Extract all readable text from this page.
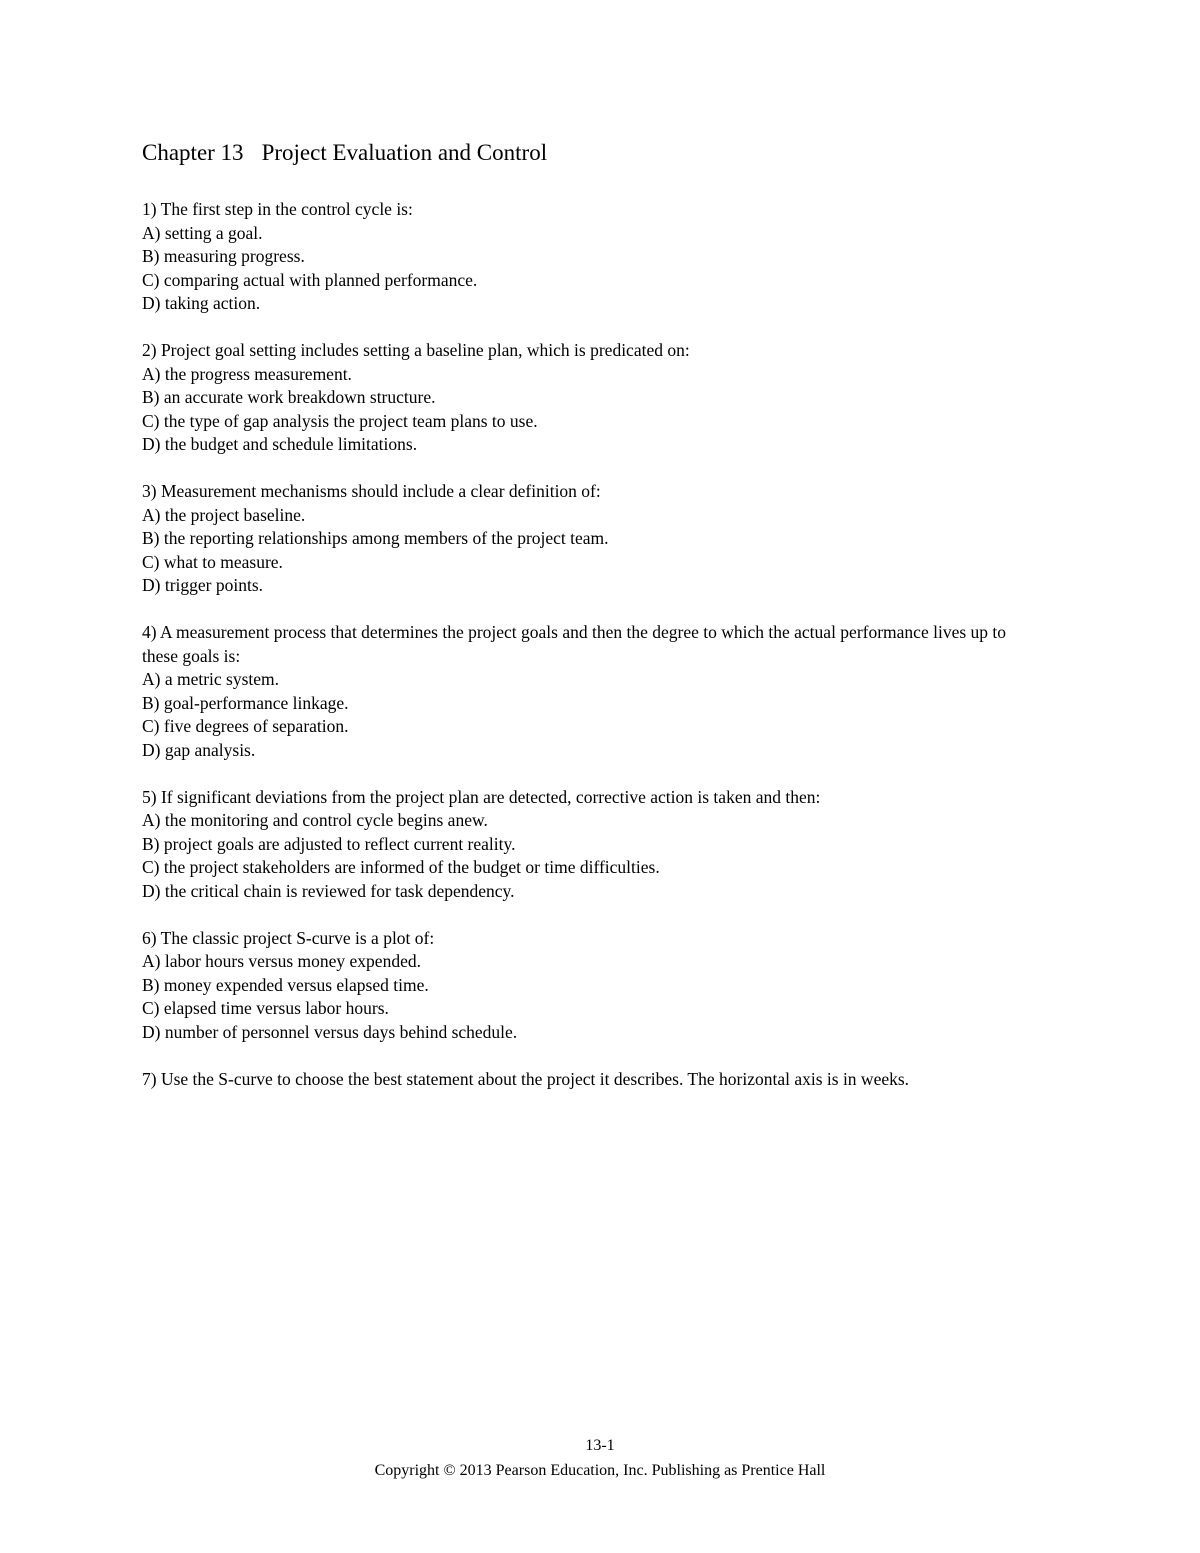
Chapter 13 Project Evaluation and Control

1) The first step in the control cycle is:

A) setting a goal.

B) measuring progress.

C) comparing actual with planned performance.

D) taking action.

2) Project goal setting includes setting a baseline plan, which is predicated on:

A) the progress measurement.

B) an accurate work breakdown structure.

C) the type of gap analysis the project team plans to use.

D) the budget and schedule limitations.

3) Measurement mechanisms should include a clear definition of:

A) the project baseline.

B) the reporting relationships among members of the project team.

C) what to measure.

D) trigger points.

4) A measurement process that determines the project goals and then the degree to which the actual performance lives up to these goals is:

A) a metric system.

B) goal-performance linkage.

C) five degrees of separation.

D) gap analysis.

5) If significant deviations from the project plan are detected, corrective action is taken and then:

A) the monitoring and control cycle begins anew.

B) project goals are adjusted to reflect current reality.

C) the project stakeholders are informed of the budget or time difficulties.

D) the critical chain is reviewed for task dependency.

6) The classic project S-curve is a plot of:

A) labor hours versus money expended.

B) money expended versus elapsed time.

C) elapsed time versus labor hours.

D) number of personnel versus days behind schedule.

7) Use the S-curve to choose the best statement about the project it describes. The horizontal axis is in weeks.

13-1
Copyright © 2013 Pearson Education, Inc. Publishing as Prentice Hall
